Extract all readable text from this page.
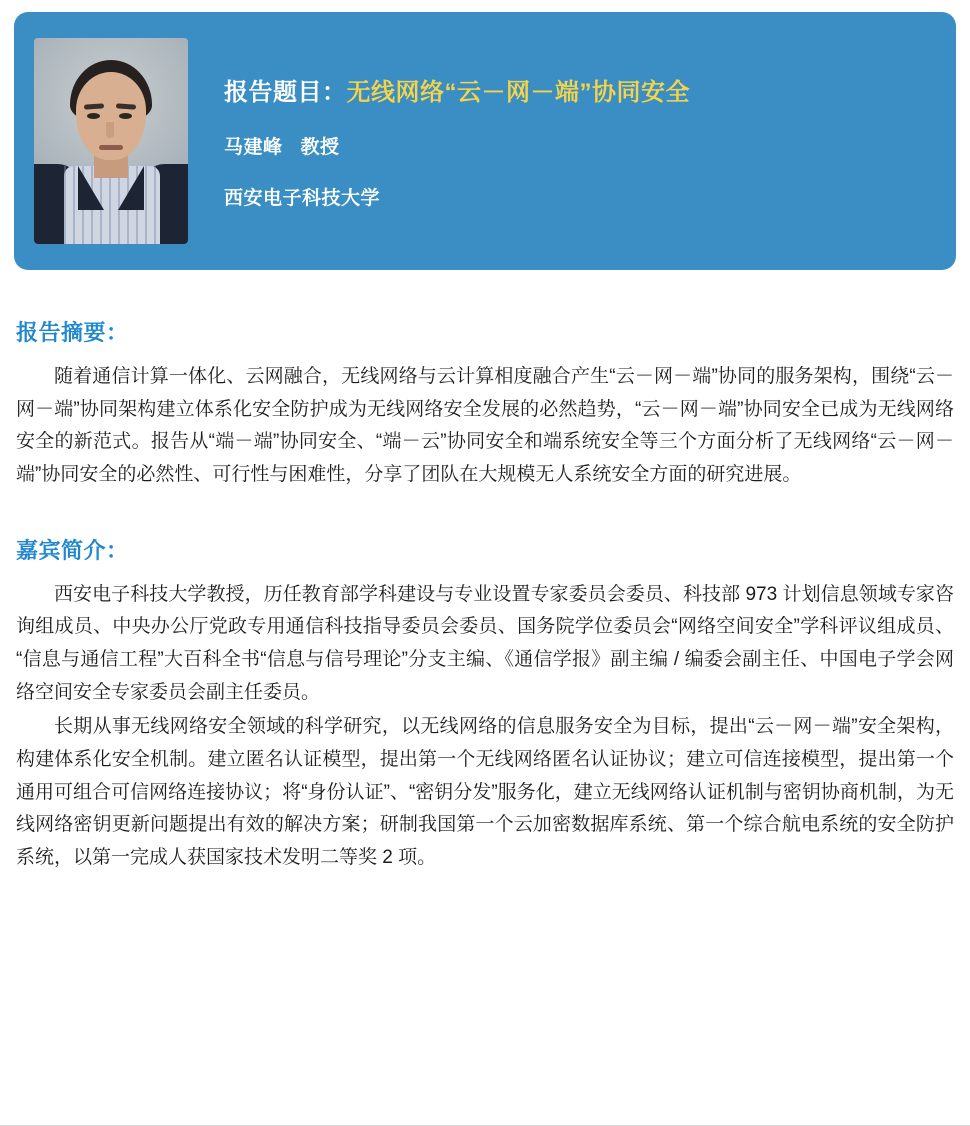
报告题目：无线网络“云－网－端”协同安全
马建峰 教授
西安电子科技大学
报告摘要：

随着通信计算一体化、云网融合，无线网络与云计算相度融合产生“云－网－端”协同的服务架构，围绕“云－网－端”协同架构建立体系化安全防护成为无线网络安全发展的必然趋势，“云－网－端”协同安全已成为无线网络安全的新范式。报告从“端－端”协同安全、“端－云”协同安全和端系统安全等三个方面分析了无线网络“云－网－端”协同安全的必然性、可行性与困难性，分享了团队在大规模无人系统安全方面的研究进展。

嘉宾简介：

西安电子科技大学教授，历任教育部学科建设与专业设置专家委员会委员、科技部 973 计划信息领域专家咨询组成员、中央办公厅党政专用通信科技指导委员会委员、国务院学位委员会“网络空间安全”学科评议组成员、“信息与通信工程”大百科全书“信息与信号理论”分支主编、《通信学报》副主编 / 编委会副主任、中国电子学会网络空间安全专家委员会副主任委员。

长期从事无线网络安全领域的科学研究，以无线网络的信息服务安全为目标，提出“云－网－端”安全架构，构建体系化安全机制。建立匿名认证模型，提出第一个无线网络匿名认证协议；建立可信连接模型，提出第一个通用可组合可信网络连接协议；将“身份认证”、“密钥分发”服务化，建立无线网络认证机制与密钥协商机制，为无线网络密钥更新问题提出有效的解决方案；研制我国第一个云加密数据库系统、第一个综合航电系统的安全防护系统，以第一完成人获国家技术发明二等奖 2 项。
